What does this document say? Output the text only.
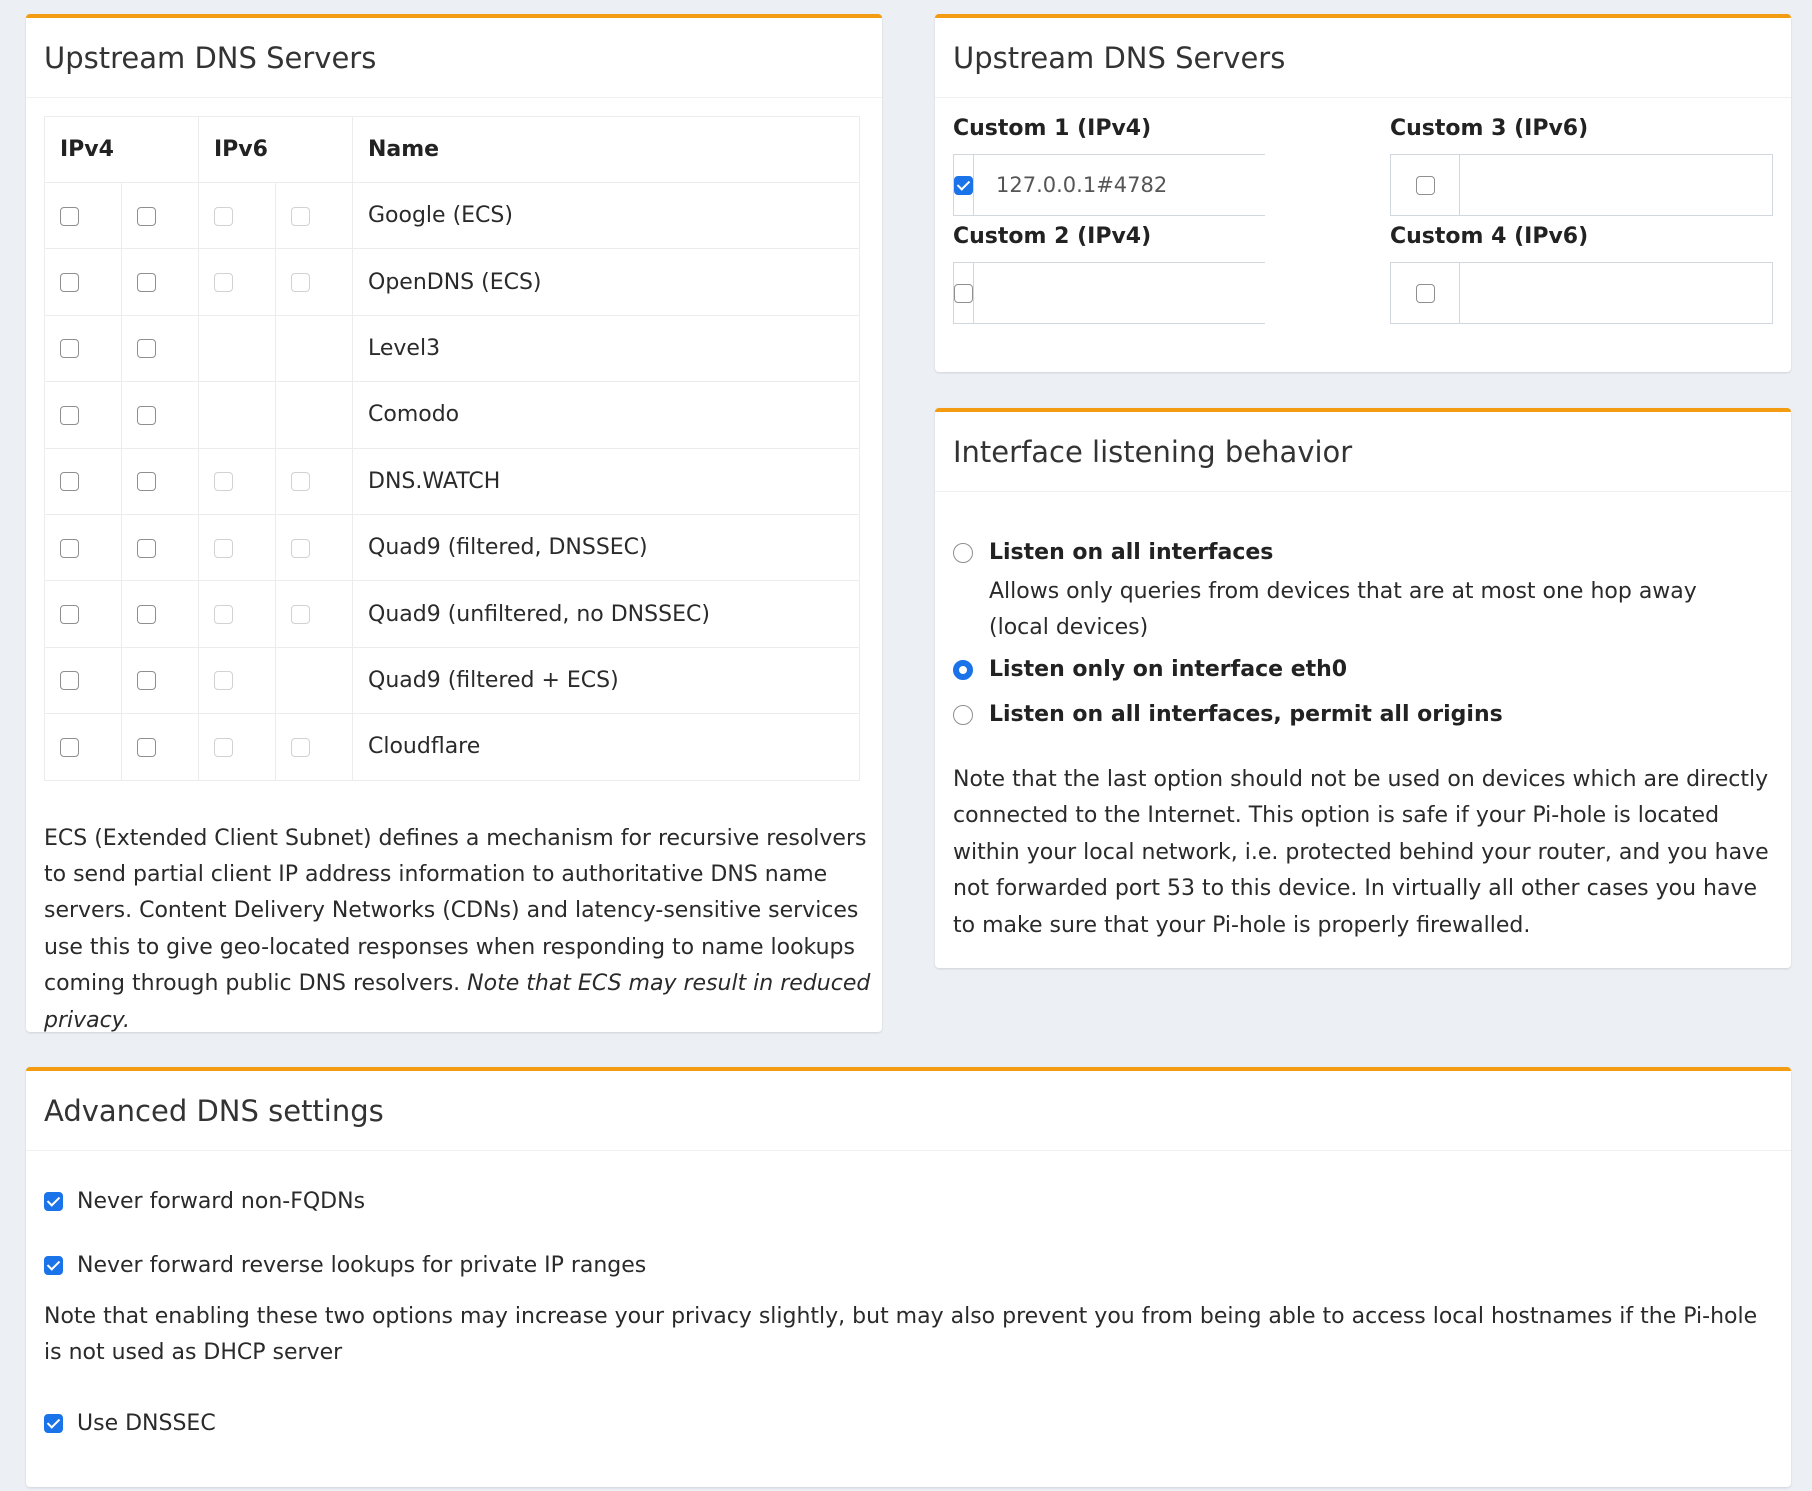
Upstream DNS Servers
IPv4		IPv6		Name
				Google (ECS)
				OpenDNS (ECS)
				Level3
				Comodo
				DNS.WATCH
				Quad9 (filtered, DNSSEC)
				Quad9 (unfiltered, no DNSSEC)
				Quad9 (filtered + ECS)
				Cloudflare

ECS (Extended Client Subnet) defines a mechanism for recursive resolvers to send partial client IP address information to authoritative DNS name servers. Content Delivery Networks (CDNs) and latency-sensitive services use this to give geo-located responses when responding to name lookups coming through public DNS resolvers. Note that ECS may result in reduced privacy.

Upstream DNS Servers
Custom 1 (IPv4)
127.0.0.1#4782	Custom 3 (IPv6)
Custom 2 (IPv4)	Custom 4 (IPv6)
Interface listening behavior
Listen on all interfaces
Allows only queries from devices that are at most one hop away (local devices)
Listen only on interface eth0
Listen on all interfaces, permit all origins
Note that the last option should not be used on devices which are directly connected to the Internet. This option is safe if your Pi-hole is located within your local network, i.e. protected behind your router, and you have not forwarded port 53 to this device. In virtually all other cases you have to make sure that your Pi-hole is properly firewalled.
Advanced DNS settings
Never forward non-FQDNs
Never forward reverse lookups for private IP ranges
Note that enabling these two options may increase your privacy slightly, but may also prevent you from being able to access local hostnames if the Pi-hole is not used as DHCP server
Use DNSSEC
